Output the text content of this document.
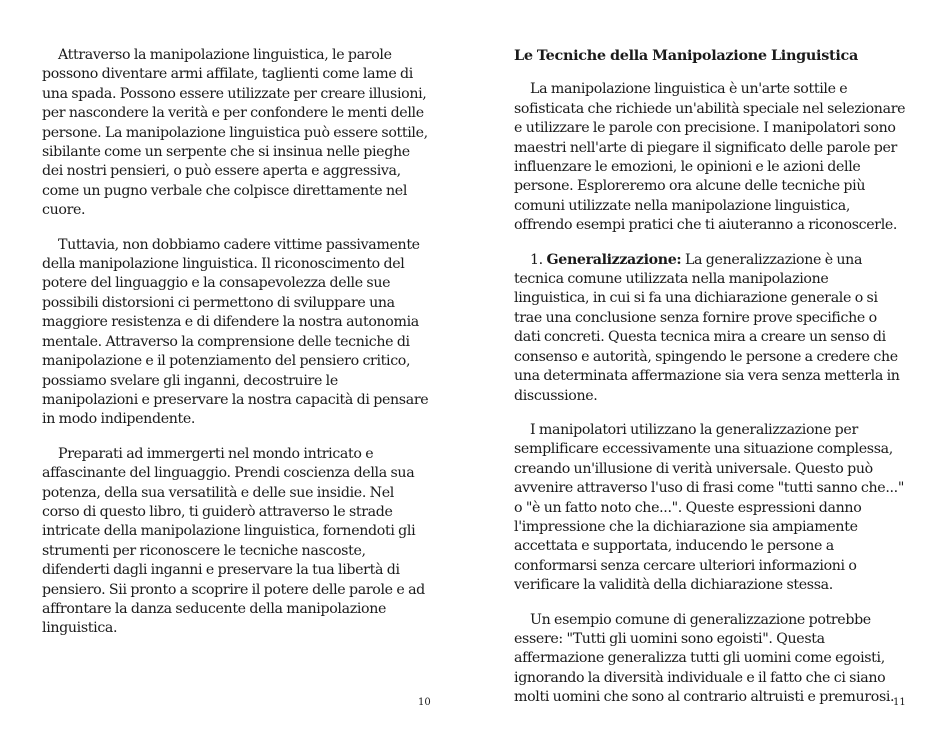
Attraverso la manipolazione linguistica, le parole possono diventare armi affilate, taglienti come lame di una spada. Possono essere utilizzate per creare illusioni, per nascondere la verità e per confondere le menti delle persone. La manipolazione linguistica può essere sottile, sibilante come un serpente che si insinua nelle pieghe dei nostri pensieri, o può essere aperta e aggressiva, come un pugno verbale che colpisce direttamente nel cuore.

Tuttavia, non dobbiamo cadere vittime passivamente della manipolazione linguistica. Il riconoscimento del potere del linguaggio e la consapevolezza delle sue possibili distorsioni ci permettono di sviluppare una maggiore resistenza e di difendere la nostra autonomia mentale. Attraverso la comprensione delle tecniche di manipolazione e il potenziamento del pensiero critico, possiamo svelare gli inganni, decostruire le manipolazioni e preservare la nostra capacità di pensare in modo indipendente.

Preparati ad immergerti nel mondo intricato e affascinante del linguaggio. Prendi coscienza della sua potenza, della sua versatilità e delle sue insidie. Nel corso di questo libro, ti guiderò attraverso le strade intricate della manipolazione linguistica, fornendoti gli strumenti per riconoscere le tecniche nascoste, difenderti dagli inganni e preservare la tua libertà di pensiero. Sii pronto a scoprire il potere delle parole e ad affrontare la danza seducente della manipolazione linguistica.

10
Le Tecniche della Manipolazione Linguistica

La manipolazione linguistica è un'arte sottile e sofisticata che richiede un'abilità speciale nel selezionare e utilizzare le parole con precisione. I manipolatori sono maestri nell'arte di piegare il significato delle parole per influenzare le emozioni, le opinioni e le azioni delle persone. Esploreremo ora alcune delle tecniche più comuni utilizzate nella manipolazione linguistica, offrendo esempi pratici che ti aiuteranno a riconoscerle.

1. Generalizzazione: La generalizzazione è una tecnica comune utilizzata nella manipolazione linguistica, in cui si fa una dichiarazione generale o si trae una conclusione senza fornire prove specifiche o dati concreti. Questa tecnica mira a creare un senso di consenso e autorità, spingendo le persone a credere che una determinata affermazione sia vera senza metterla in discussione.

I manipolatori utilizzano la generalizzazione per semplificare eccessivamente una situazione complessa, creando un'illusione di verità universale. Questo può avvenire attraverso l'uso di frasi come "tutti sanno che..." o "è un fatto noto che...". Queste espressioni danno l'impressione che la dichiarazione sia ampiamente accettata e supportata, inducendo le persone a conformarsi senza cercare ulteriori informazioni o verificare la validità della dichiarazione stessa.

Un esempio comune di generalizzazione potrebbe essere: "Tutti gli uomini sono egoisti". Questa affermazione generalizza tutti gli uomini come egoisti, ignorando la diversità individuale e il fatto che ci siano molti uomini che sono al contrario altruisti e premurosi.

11
